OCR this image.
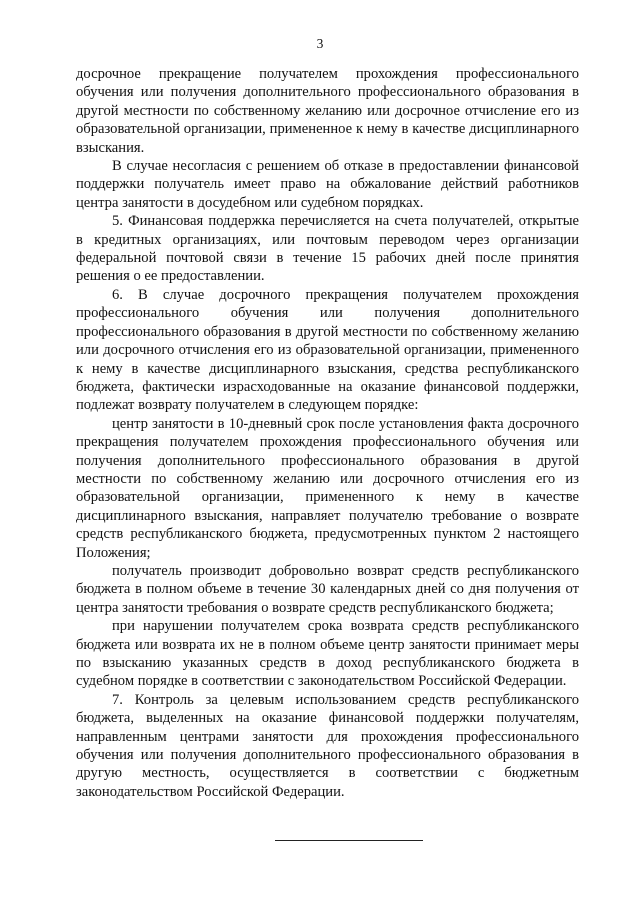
3

досрочное прекращение получателем прохождения профессионального обучения или получения дополнительного профессионального образования в другой местности по собственному желанию или досрочное отчисление его из образовательной организации, примененное к нему в качестве дисциплинарного взыскания.

В случае несогласия с решением об отказе в предоставлении финансовой поддержки получатель имеет право на обжалование действий работников центра занятости в досудебном или судебном порядках.

5. Финансовая поддержка перечисляется на счета получателей, открытые в кредитных организациях, или почтовым переводом через организации федеральной почтовой связи в течение 15 рабочих дней после принятия решения о ее предоставлении.

6. В случае досрочного прекращения получателем прохождения профессионального обучения или получения дополнительного профессионального образования в другой местности по собственному желанию или досрочного отчисления его из образовательной организации, примененного к нему в качестве дисциплинарного взыскания, средства республиканского бюджета, фактически израсходованные на оказание финансовой поддержки, подлежат возврату получателем в следующем порядке:

центр занятости в 10-дневный срок после установления факта досрочного прекращения получателем прохождения профессионального обучения или получения дополнительного профессионального образования в другой местности по собственному желанию или досрочного отчисления его из образовательной организации, примененного к нему в качестве дисциплинарного взыскания, направляет получателю требование о возврате средств республиканского бюджета, предусмотренных пунктом 2 настоящего Положения;

получатель производит добровольно возврат средств республиканского бюджета в полном объеме в течение 30 календарных дней со дня получения от центра занятости требования о возврате средств республиканского бюджета;

при нарушении получателем срока возврата средств республиканского бюджета или возврата их не в полном объеме центр занятости принимает меры по взысканию указанных средств в доход республиканского бюджета в судебном порядке в соответствии с законодательством Российской Федерации.

7. Контроль за целевым использованием средств республиканского бюджета, выделенных на оказание финансовой поддержки получателям, направленным центрами занятости для прохождения профессионального обучения или получения дополнительного профессионального образования в другую местность, осуществляется в соответствии с бюджетным законодательством Российской Федерации.
